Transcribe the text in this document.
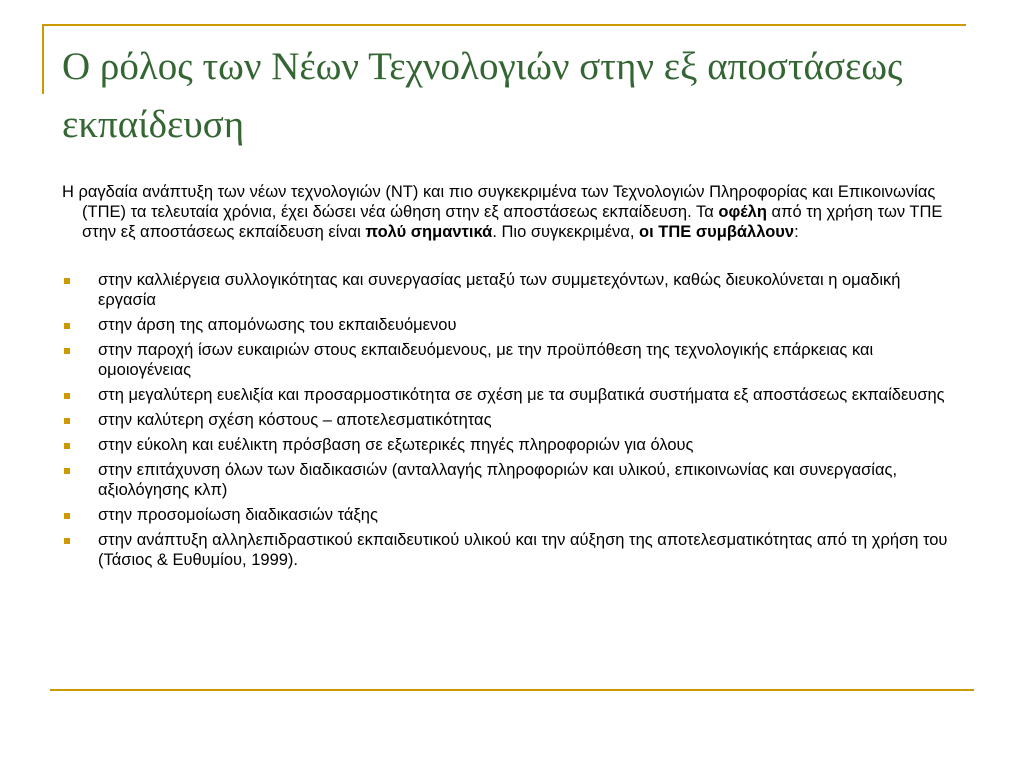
Ο ρόλος των Νέων Τεχνολογιών στην εξ αποστάσεως εκπαίδευση

Η ραγδαία ανάπτυξη των νέων τεχνολογιών (ΝΤ) και πιο συγκεκριμένα των Τεχνολογιών Πληροφορίας και Επικοινωνίας (ΤΠΕ) τα τελευταία χρόνια, έχει δώσει νέα ώθηση στην εξ αποστάσεως εκπαίδευση. Τα οφέλη από τη χρήση των ΤΠΕ στην εξ αποστάσεως εκπαίδευση είναι πολύ σημαντικά. Πιο συγκεκριμένα, οι ΤΠΕ συμβάλλουν:

στην καλλιέργεια συλλογικότητας και συνεργασίας μεταξύ των συμμετεχόντων, καθώς διευκολύνεται η ομαδική εργασία
στην άρση της απομόνωσης του εκπαιδευόμενου
στην παροχή ίσων ευκαιριών στους εκπαιδευόμενους, με την προϋπόθεση της τεχνολογικής επάρκειας και ομοιογένειας
στη μεγαλύτερη ευελιξία και προσαρμοστικότητα σε σχέση με τα συμβατικά συστήματα εξ αποστάσεως εκπαίδευσης
στην καλύτερη σχέση κόστους – αποτελεσματικότητας
στην εύκολη και ευέλικτη πρόσβαση σε εξωτερικές πηγές πληροφοριών για όλους
στην επιτάχυνση όλων των διαδικασιών (ανταλλαγής πληροφοριών και υλικού, επικοινωνίας και συνεργασίας, αξιολόγησης κλπ)
στην προσομοίωση διαδικασιών τάξης
στην ανάπτυξη αλληλεπιδραστικού εκπαιδευτικού υλικού και την αύξηση της αποτελεσματικότητας από τη χρήση του (Τάσιος & Ευθυμίου, 1999).
